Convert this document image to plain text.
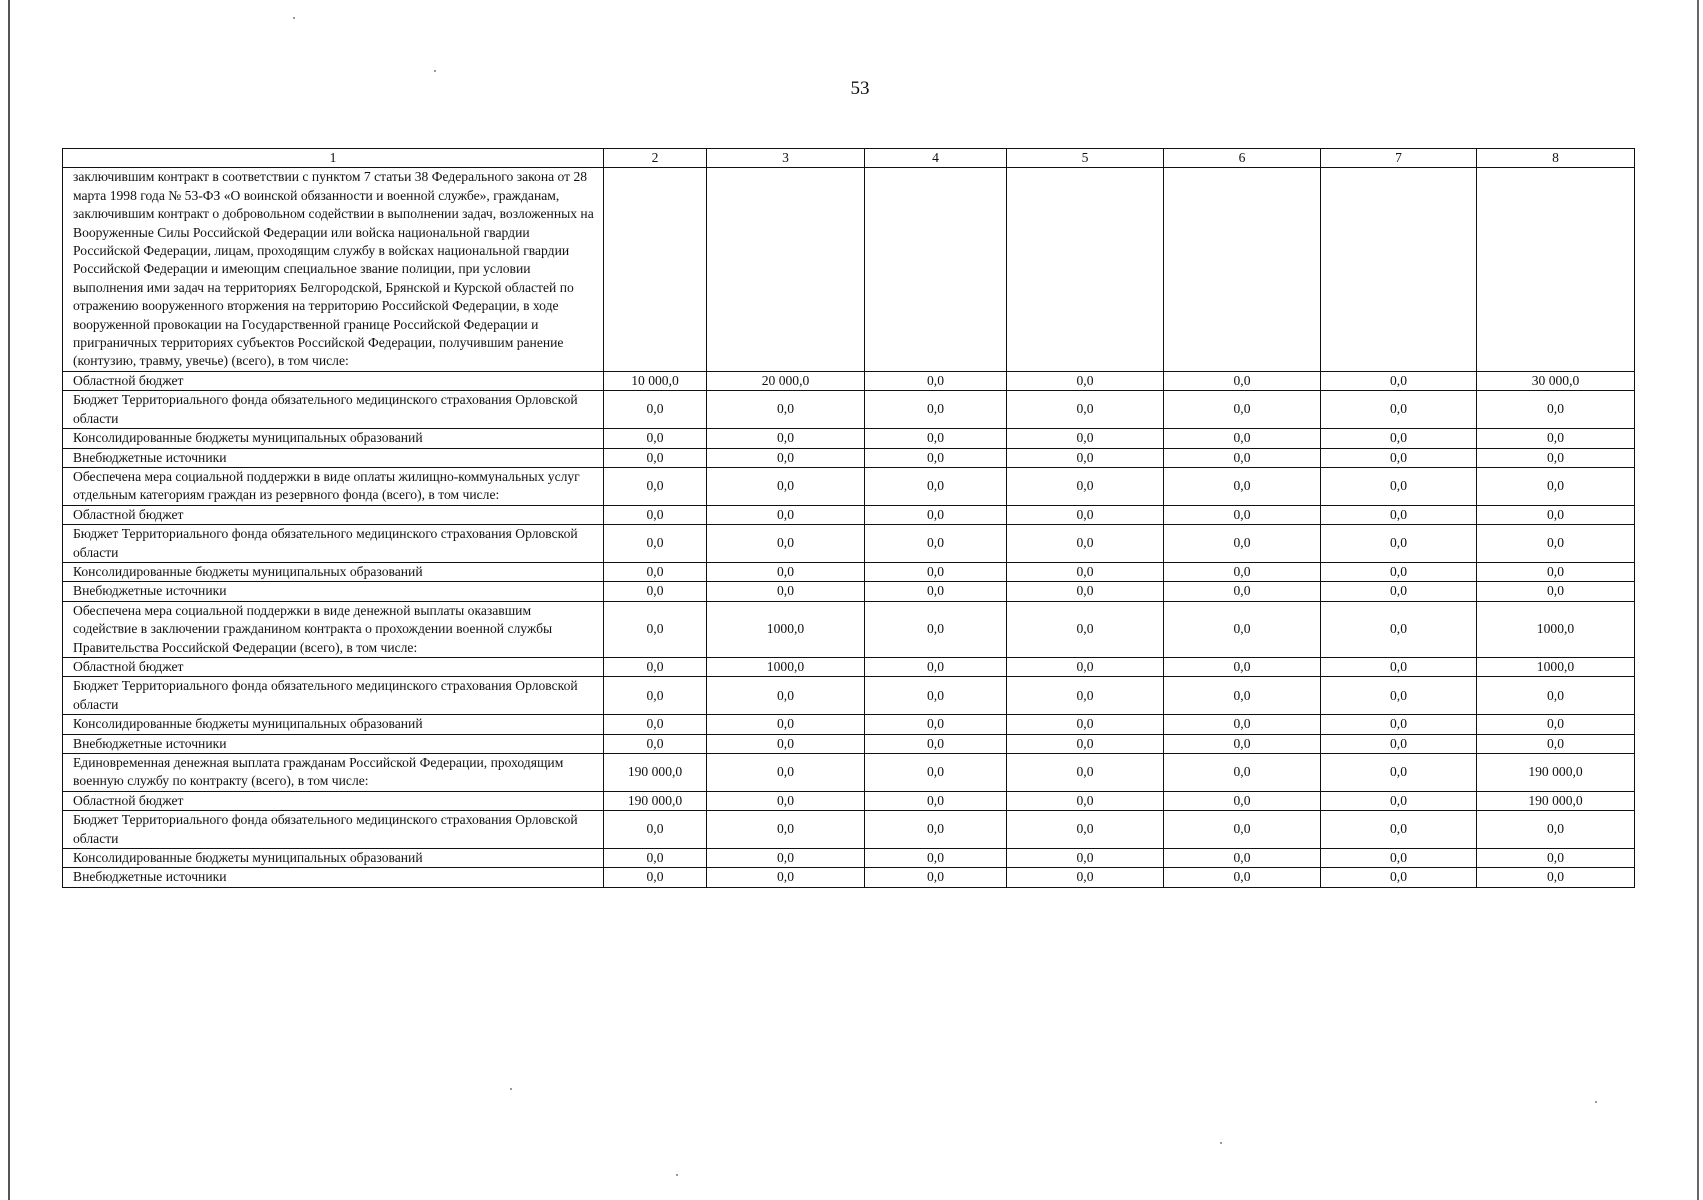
53
1	2	3	4	5	6	7	8
заключившим контракт в соответствии с пунктом 7 статьи 38 Федерального закона от 28 марта 1998 года № 53-ФЗ «О воинской обязанности и военной службе», гражданам, заключившим контракт о добровольном содействии в выполнении задач, возложенных на Вооруженные Силы Российской Федерации или войска национальной гвардии Российской Федерации, лицам, проходящим службу в войсках национальной гвардии Российской Федерации и имеющим специальное звание полиции, при условии выполнения ими задач на территориях Белгородской, Брянской и Курской областей по отражению вооруженного вторжения на территорию Российской Федерации, в ходе вооруженной провокации на Государственной границе Российской Федерации и приграничных территориях субъектов Российской Федерации, получившим ранение (контузию, травму, увечье) (всего), в том числе:							
Областной бюджет	10 000,0	20 000,0	0,0	0,0	0,0	0,0	30 000,0
Бюджет Территориального фонда обязательного медицинского страхования Орловской области	0,0	0,0	0,0	0,0	0,0	0,0	0,0
Консолидированные бюджеты муниципальных образований	0,0	0,0	0,0	0,0	0,0	0,0	0,0
Внебюджетные источники	0,0	0,0	0,0	0,0	0,0	0,0	0,0
Обеспечена мера социальной поддержки в виде оплаты жилищно-коммунальных услуг отдельным категориям граждан из резервного фонда (всего), в том числе:	0,0	0,0	0,0	0,0	0,0	0,0	0,0
Областной бюджет	0,0	0,0	0,0	0,0	0,0	0,0	0,0
Бюджет Территориального фонда обязательного медицинского страхования Орловской области	0,0	0,0	0,0	0,0	0,0	0,0	0,0
Консолидированные бюджеты муниципальных образований	0,0	0,0	0,0	0,0	0,0	0,0	0,0
Внебюджетные источники	0,0	0,0	0,0	0,0	0,0	0,0	0,0
Обеспечена мера социальной поддержки в виде денежной выплаты оказавшим содействие в заключении гражданином контракта о прохождении военной службы Правительства Российской Федерации (всего), в том числе:	0,0	1000,0	0,0	0,0	0,0	0,0	1000,0
Областной бюджет	0,0	1000,0	0,0	0,0	0,0	0,0	1000,0
Бюджет Территориального фонда обязательного медицинского страхования Орловской области	0,0	0,0	0,0	0,0	0,0	0,0	0,0
Консолидированные бюджеты муниципальных образований	0,0	0,0	0,0	0,0	0,0	0,0	0,0
Внебюджетные источники	0,0	0,0	0,0	0,0	0,0	0,0	0,0
Единовременная денежная выплата гражданам Российской Федерации, проходящим военную службу по контракту (всего), в том числе:	190 000,0	0,0	0,0	0,0	0,0	0,0	190 000,0
Областной бюджет	190 000,0	0,0	0,0	0,0	0,0	0,0	190 000,0
Бюджет Территориального фонда обязательного медицинского страхования Орловской области	0,0	0,0	0,0	0,0	0,0	0,0	0,0
Консолидированные бюджеты муниципальных образований	0,0	0,0	0,0	0,0	0,0	0,0	0,0
Внебюджетные источники	0,0	0,0	0,0	0,0	0,0	0,0	0,0
